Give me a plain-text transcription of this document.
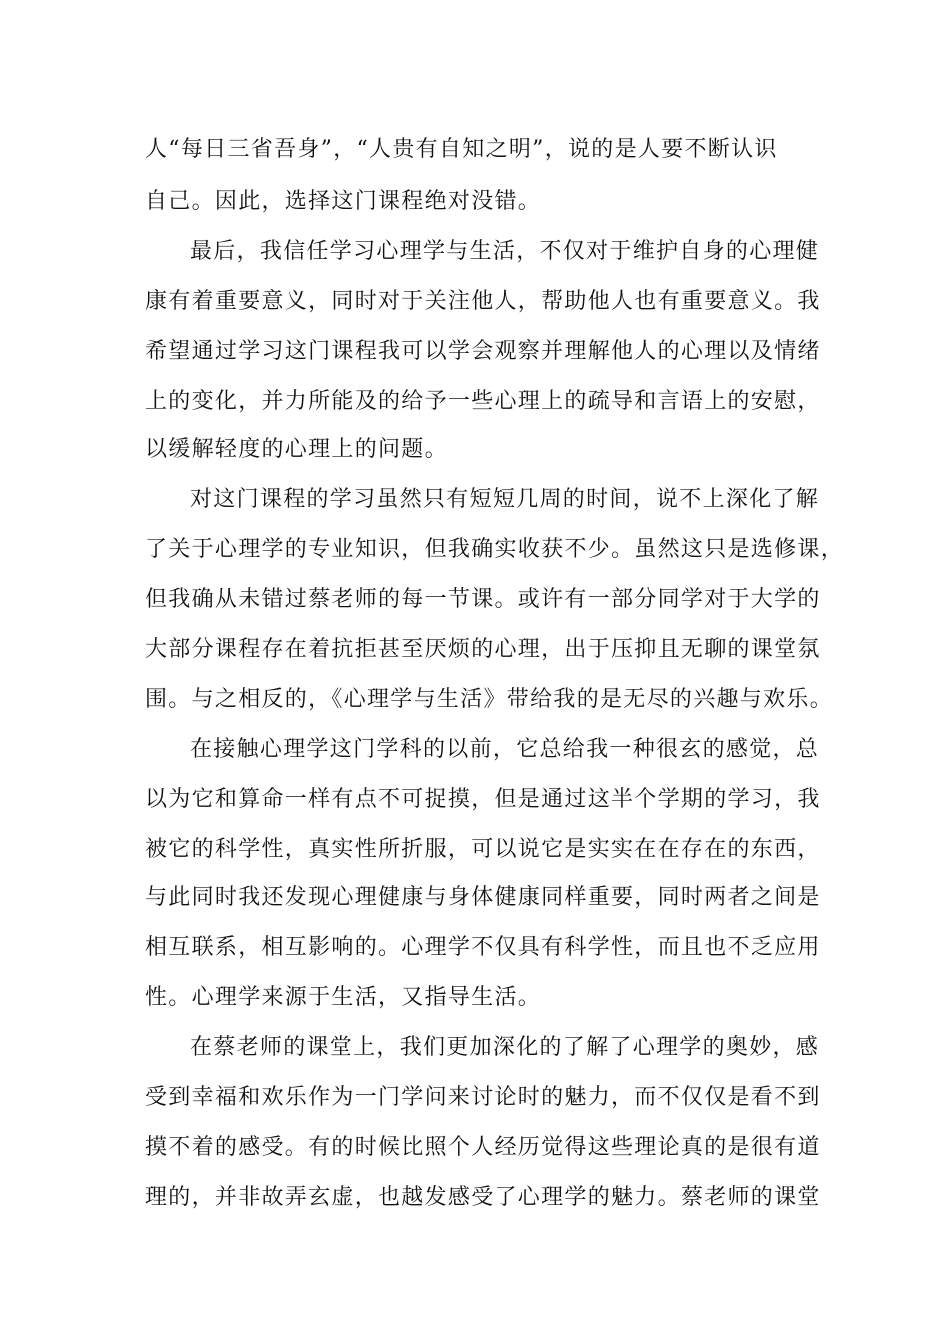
人“每日三省吾身”，“人贵有自知之明”，说的是人要不断认识
自己。因此，选择这门课程绝对没错。
最后，我信任学习心理学与生活，不仅对于维护自身的心理健
康有着重要意义，同时对于关注他人，帮助他人也有重要意义。我
希望通过学习这门课程我可以学会观察并理解他人的心理以及情绪
上的变化，并力所能及的给予一些心理上的疏导和言语上的安慰，
以缓解轻度的心理上的问题。
对这门课程的学习虽然只有短短几周的时间，说不上深化了解
了关于心理学的专业知识，但我确实收获不少。虽然这只是选修课，
但我确从未错过蔡老师的每一节课。或许有一部分同学对于大学的
大部分课程存在着抗拒甚至厌烦的心理，出于压抑且无聊的课堂氛
围。与之相反的，《心理学与生活》带给我的是无尽的兴趣与欢乐。
在接触心理学这门学科的以前，它总给我一种很玄的感觉，总
以为它和算命一样有点不可捉摸，但是通过这半个学期的学习，我
被它的科学性，真实性所折服，可以说它是实实在在存在的东西，
与此同时我还发现心理健康与身体健康同样重要，同时两者之间是
相互联系，相互影响的。心理学不仅具有科学性，而且也不乏应用
性。心理学来源于生活，又指导生活。
在蔡老师的课堂上，我们更加深化的了解了心理学的奥妙，感
受到幸福和欢乐作为一门学问来讨论时的魅力，而不仅仅是看不到
摸不着的感受。有的时候比照个人经历觉得这些理论真的是很有道
理的，并非故弄玄虚，也越发感受了心理学的魅力。蔡老师的课堂
